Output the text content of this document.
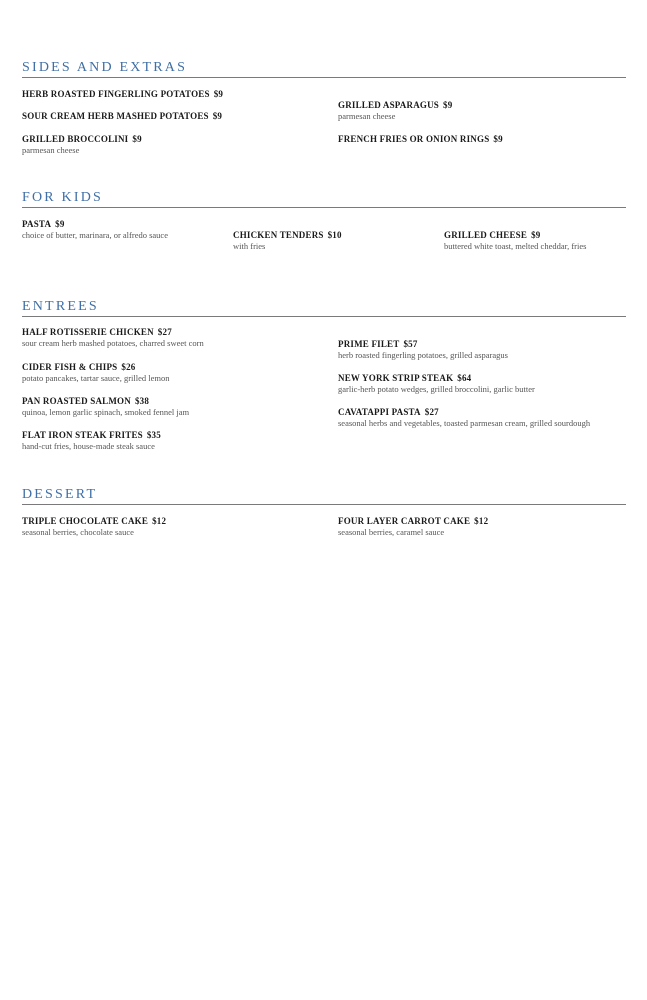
SIDES AND EXTRAS
HERB ROASTED FINGERLING POTATOES $9
SOUR CREAM HERB MASHED POTATOES $9
GRILLED BROCCOLINI $9
parmesan cheese
GRILLED ASPARAGUS $9
parmesan cheese
FRENCH FRIES OR ONION RINGS $9
FOR KIDS
PASTA $9
choice of butter, marinara, or alfredo sauce	CHICKEN TENDERS $10
with fries
GRILLED CHEESE $9
buttered white toast, melted cheddar, fries
ENTREES
HALF ROTISSERIE CHICKEN $27
sour cream herb mashed potatoes, charred sweet corn
CIDER FISH & CHIPS $26
potato pancakes, tartar sauce, grilled lemon
PAN ROASTED SALMON $38
quinoa, lemon garlic spinach, smoked fennel jam
FLAT IRON STEAK FRITES $35
hand-cut fries, house-made steak sauce
PRIME FILET $57
herb roasted fingerling potatoes, grilled asparagus
NEW YORK STRIP STEAK $64
garlic-herb potato wedges, grilled broccolini, garlic butter
CAVATAPPI PASTA $27
seasonal herbs and vegetables, toasted parmesan cream, grilled sourdough
DESSERT
TRIPLE CHOCOLATE CAKE $12
seasonal berries, chocolate sauce
FOUR LAYER CARROT CAKE $12
seasonal berries, caramel sauce
